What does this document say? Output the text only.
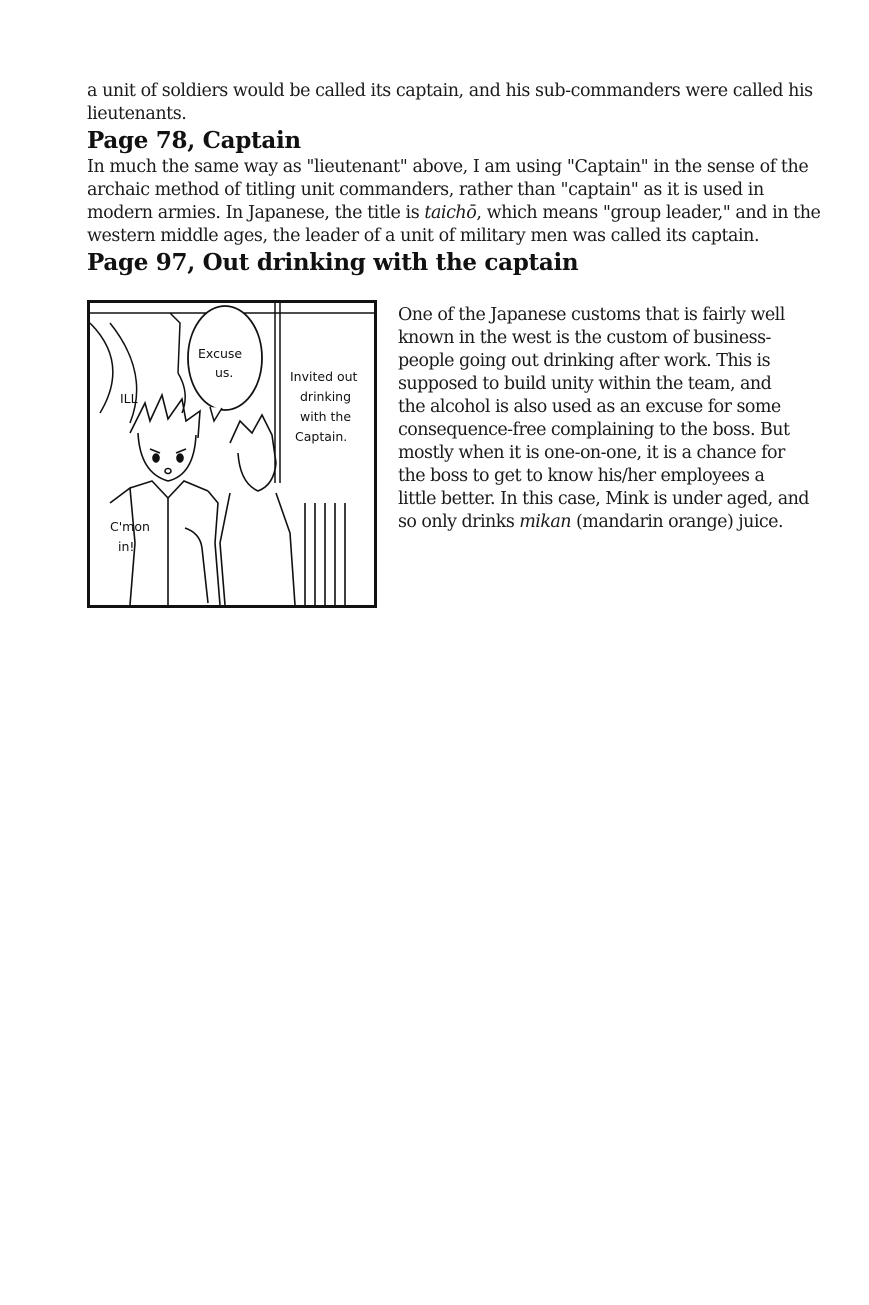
a unit of soldiers would be called its captain, and his sub-commanders were called his
lieutenants.

Page 78, Captain

In much the same way as "lieutenant" above, I am using "Captain" in the sense of the
archaic method of titling unit commanders, rather than "captain" as it is used in
modern armies. In Japanese, the title is taichō, which means "group leader," and in the
western middle ages, the leader of a unit of military men was called its captain.

Page 97, Out drinking with the captain
Excuse
us.	Invited out
drinking
with the
Captain.
ILL
C'mon
in!

One of the Japanese customs that is fairly well
known in the west is the custom of business-
people going out drinking after work. This is
supposed to build unity within the team, and
the alcohol is also used as an excuse for some
consequence-free complaining to the boss. But
mostly when it is one-on-one, it is a chance for
the boss to get to know his/her employees a
little better. In this case, Mink is under aged, and
so only drinks mikan (mandarin orange) juice.
